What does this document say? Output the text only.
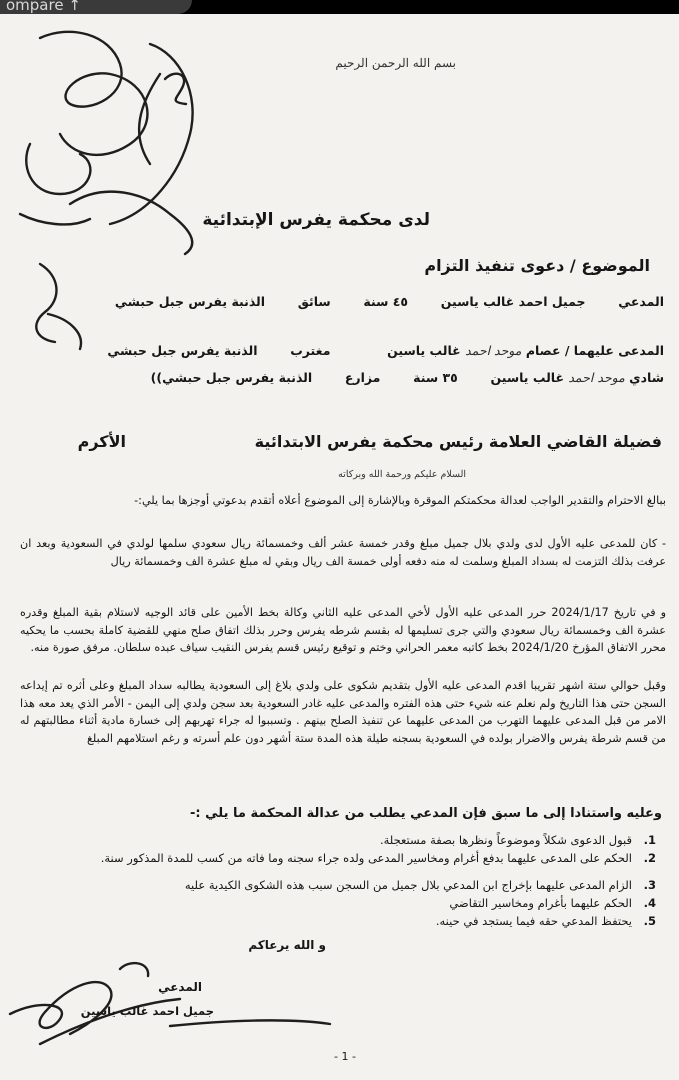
ompare ↑
بسم الله الرحمن الرحيم
لدى محكمة يفرس الإبتدائية
الموضوع / دعوى تنفيذ التزام
المدعي  جميل احمد غالب ياسين  ٤٥ سنة  سائق  الذنبة يفرس جبل حبشي
المدعى عليهما / عصام موحد احمد غالب ياسين  مغترب  الذنبة يفرس جبل حبشي
شادي موحد احمد غالب ياسين  ٣٥ سنة  مزارع  الذنبة يفرس جبل حبشي))
فضيلة القاضي العلامة رئيس محكمة يفرس الابتدائية
الأكرم
السلام عليكم ورحمة الله وبركاته
ببالغ الاحترام والتقدير الواجب لعدالة محكمتكم الموقرة وبالإشارة إلى الموضوع أعلاه أتقدم بدعوتي أوجزها بما يلي:-
- كان للمدعى عليه الأول لدى ولدي بلال جميل مبلغ وقدر خمسة عشر ألف وخمسمائة ريال سعودي سلمها لولدي في السعودية وبعد ان عرفت بذلك التزمت له بسداد المبلغ وسلمت له منه دفعه أولى خمسة الف ريال وبقي له مبلغ عشرة الف وخمسمائة ريال
و في تاريخ 2024/1/17 حرر المدعى عليه الأول لأخي المدعى عليه الثاني وكالة بخط الأمين على قائد الوجيه لاستلام بقية المبلغ وقدره عشرة الف وخمسمائة ريال سعودي والتي جرى تسليمها له بقسم شرطه يفرس وحرر بذلك اتفاق صلح منهي للقضية كاملة بحسب ما يحكيه محرر الاتفاق المؤرخ 2024/1/20 بخط كاتبه معمر الحراني وختم و توقيع رئيس قسم يفرس النقيب سياف عبده سلطان. مرفق صورة منه.
وقبل حوالي ستة اشهر تقريبا اقدم المدعى عليه الأول بتقديم شكوى على ولدي بلاغ إلى السعودية يطالبه سداد المبلغ وعلى أثره تم إيداعه السجن حتى هذا التاريخ ولم نعلم عنه شيء حتى هذه الفتره والمدعى عليه غادر السعودية بعد سجن ولدي إلى اليمن - الأمر الذي يعد معه هذا الامر من قبل المدعى عليهما التهرب من المدعى عليهما عن تنفيذ الصلح بينهم . وتسببوا له جراء تهربهم إلى خسارة مادية أثناء مطالبتهم له من قسم شرطة يفرس والاضرار بولده في السعودية بسجنه طيلة هذه المدة ستة أشهر دون علم أسرته و رغم استلامهم المبلغ
وعليه واستنادا إلى ما سبق فإن المدعي يطلب من عدالة المحكمة ما يلي :-
1.
قبول الدعوى شكلاً وموضوعاً ونظرها بصفة مستعجلة.
2.
الحكم على المدعى عليهما بدفع أغرام ومخاسير المدعى ولده جراء سجنه وما فاته من كسب للمدة المذكور سنة.
3.
الزام المدعى عليهما بإخراج ابن المدعي بلال جميل من السجن سبب هذه الشكوى الكيدية عليه
4.
الحكم عليهما بأغرام ومخاسير التقاضي
5.
يحتفظ المدعي حقه فيما يستجد في حينه.
و الله يرعاكم
المدعي
جميل احمد غالب ياسين
- 1 -
